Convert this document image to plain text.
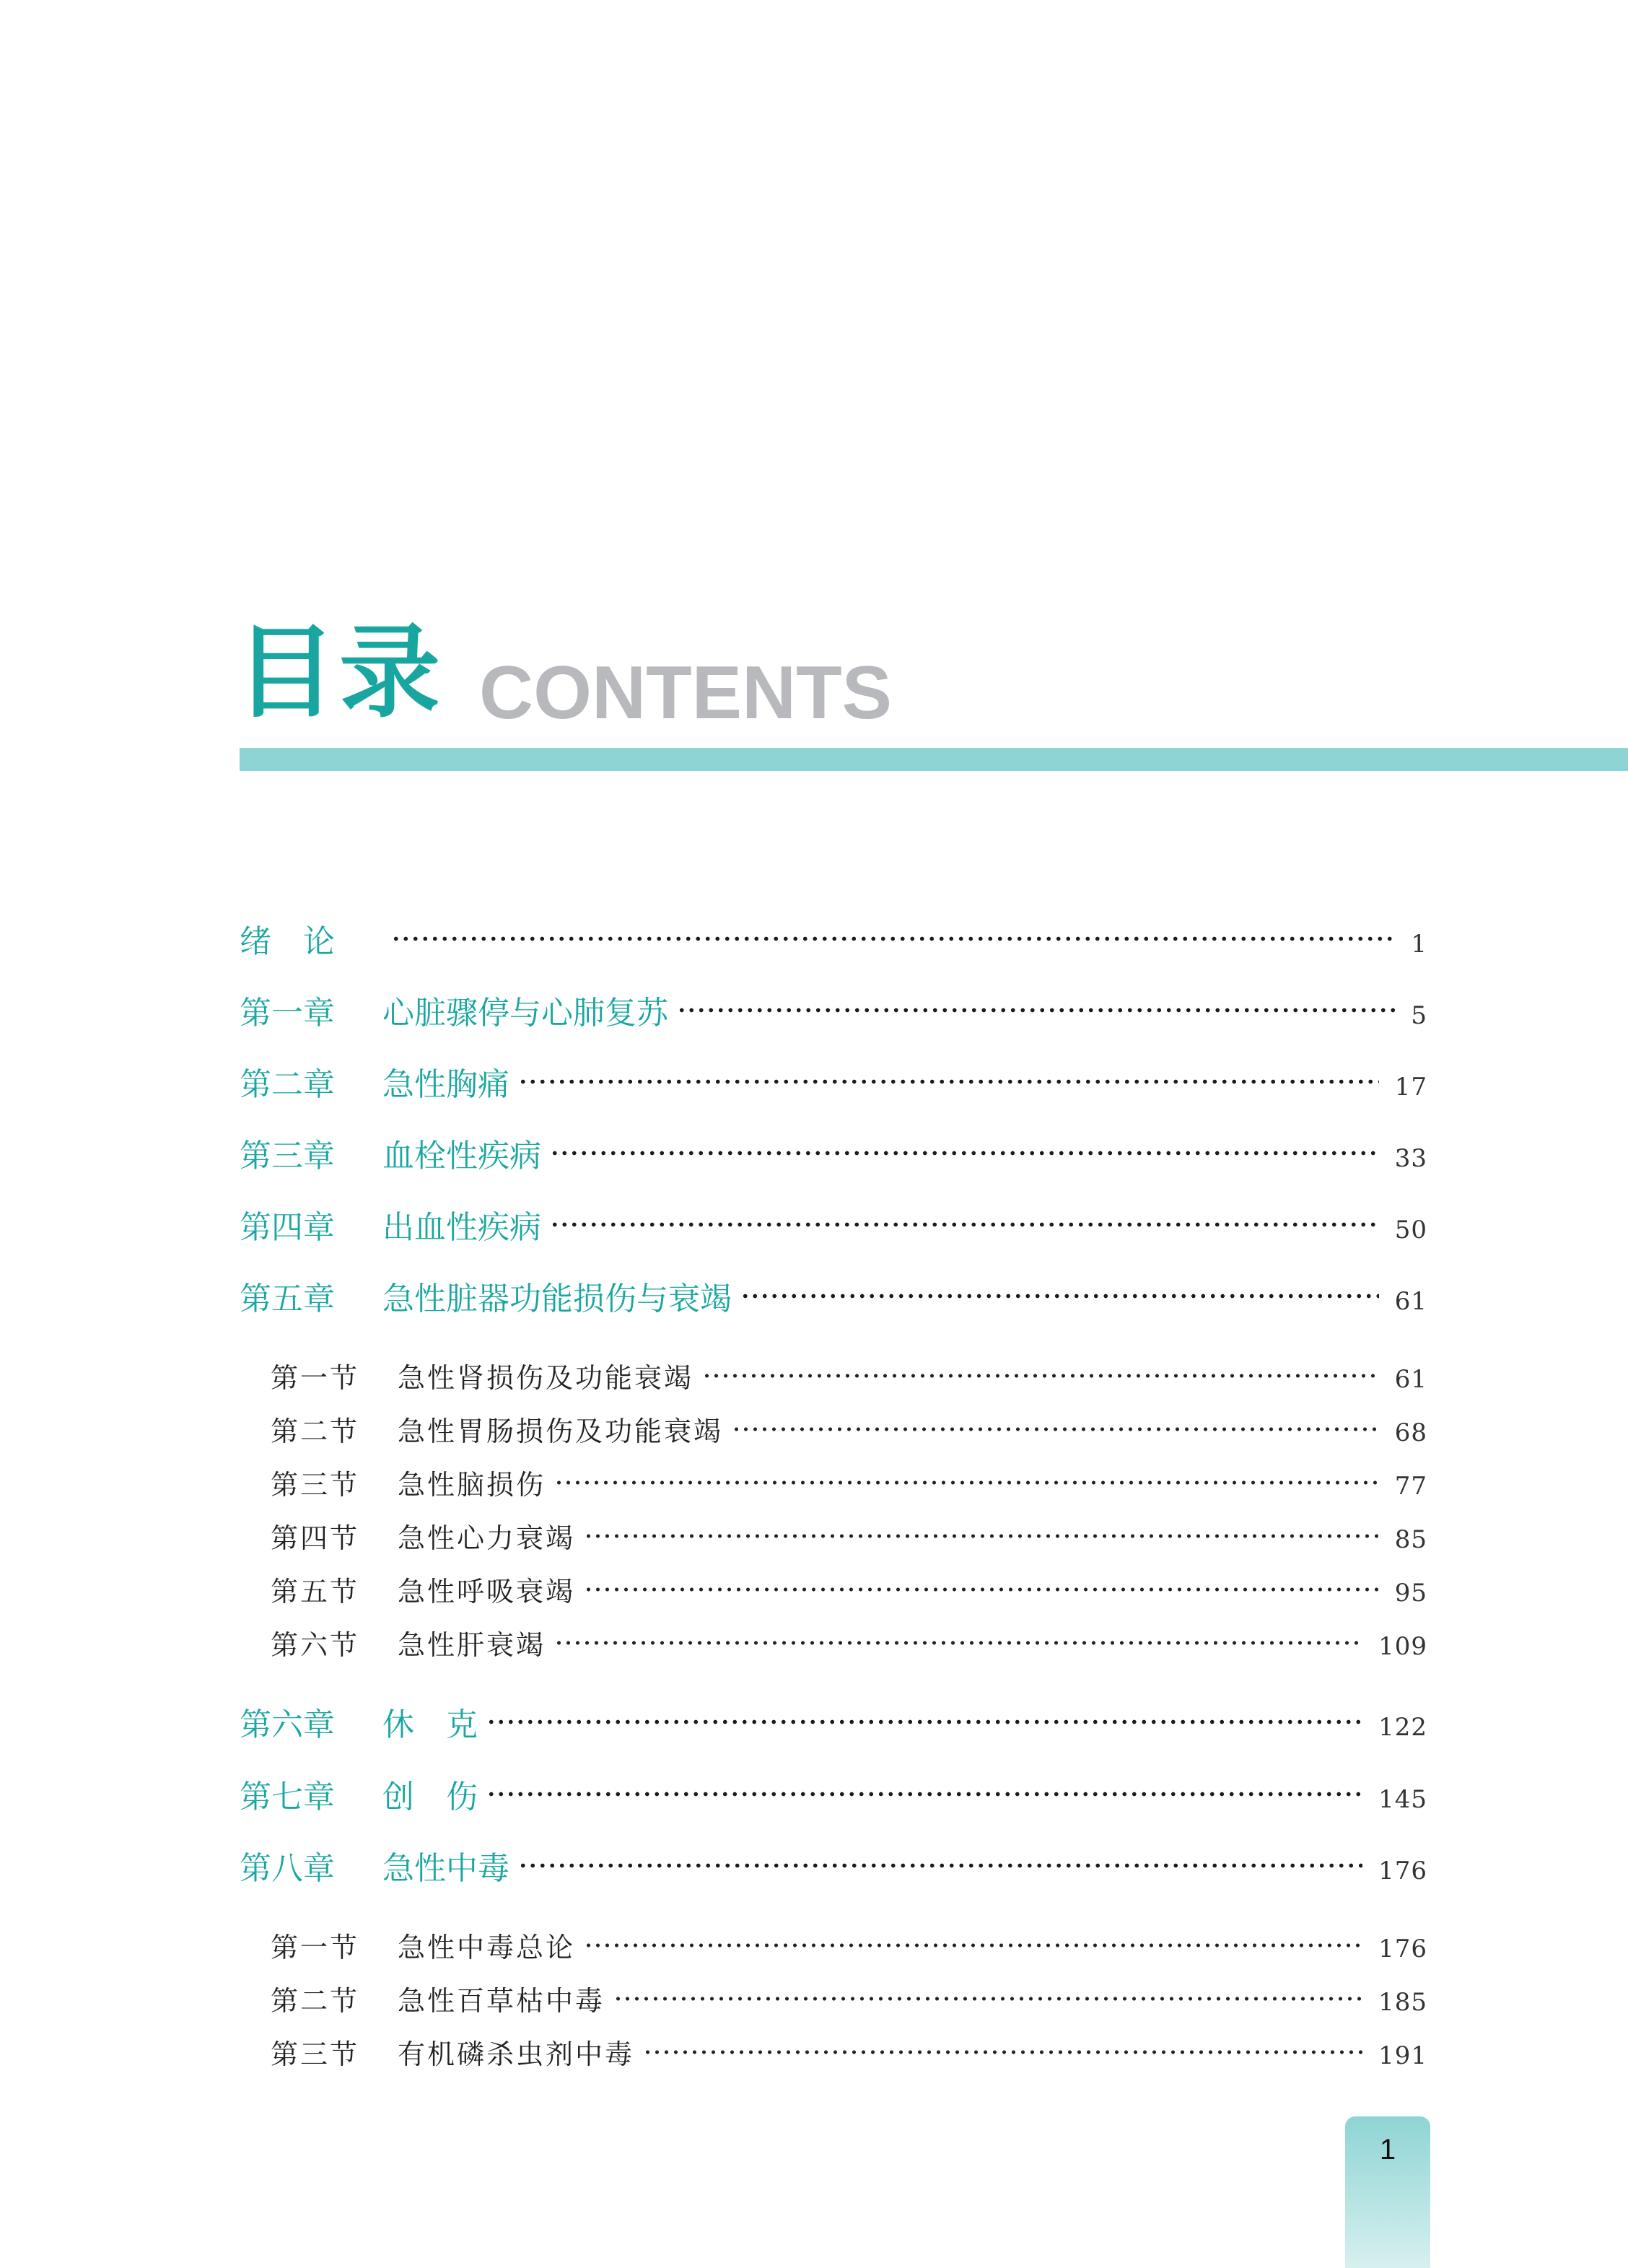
目录 CONTENTS
绪　论	1
第一章	心脏骤停与心肺复苏	5
第二章	急性胸痛	17
第三章	血栓性疾病	33
第四章	出血性疾病	50
第五章	急性脏器功能损伤与衰竭	61
第一节	急性肾损伤及功能衰竭	61
第二节	急性胃肠损伤及功能衰竭	68
第三节	急性脑损伤	77
第四节	急性心力衰竭	85
第五节	急性呼吸衰竭	95
第六节	急性肝衰竭	109
第六章	休　克	122
第七章	创　伤	145
第八章	急性中毒	176
第一节	急性中毒总论	176
第二节	急性百草枯中毒	185
第三节	有机磷杀虫剂中毒	191
1
